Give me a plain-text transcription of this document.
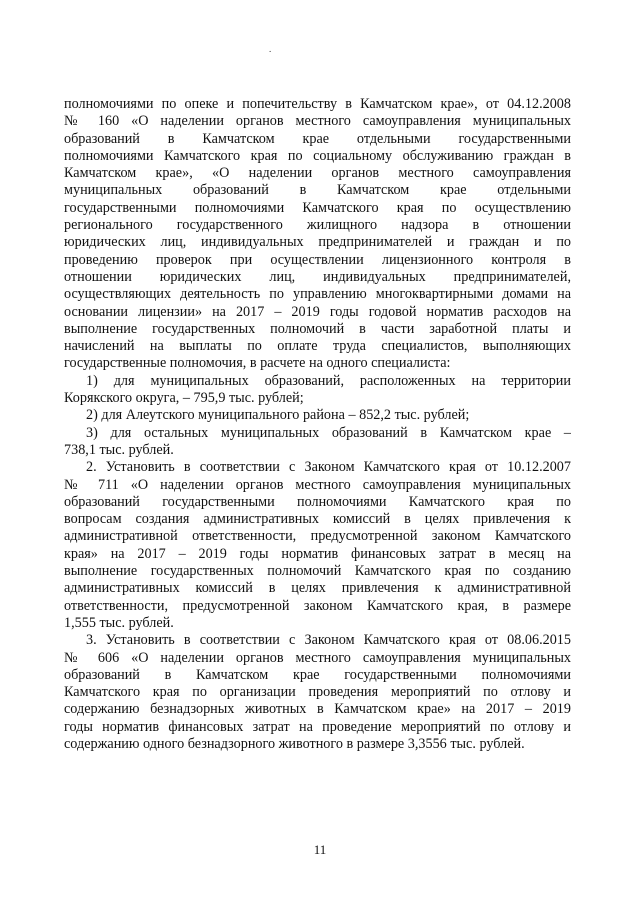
.
полномочиями по опеке и попечительству в Камчатском крае», от 04.12.2008
№ 160 «О наделении органов местного самоуправления муниципальных
образований в Камчатском крае отдельными государственными
полномочиями Камчатского края по социальному обслуживанию граждан в
Камчатском крае», «О наделении органов местного самоуправления
муниципальных образований в Камчатском крае отдельными
государственными полномочиями Камчатского края по осуществлению
регионального государственного жилищного надзора в отношении
юридических лиц, индивидуальных предпринимателей и граждан и по
проведению проверок при осуществлении лицензионного контроля в
отношении юридических лиц, индивидуальных предпринимателей,
осуществляющих деятельность по управлению многоквартирными домами на
основании лицензии» на 2017 – 2019 годы годовой норматив расходов на
выполнение государственных полномочий в части заработной платы и
начислений на выплаты по оплате труда специалистов, выполняющих
государственные полномочия, в расчете на одного специалиста:
1) для муниципальных образований, расположенных на территории
Корякского округа, – 795,9 тыс. рублей;
2) для Алеутского муниципального района – 852,2 тыс. рублей;
3) для остальных муниципальных образований в Камчатском крае –
738,1 тыс. рублей.
2. Установить в соответствии с Законом Камчатского края от 10.12.2007
№ 711 «О наделении органов местного самоуправления муниципальных
образований государственными полномочиями Камчатского края по
вопросам создания административных комиссий в целях привлечения к
административной ответственности, предусмотренной законом Камчатского
края» на 2017 – 2019 годы норматив финансовых затрат в месяц на
выполнение государственных полномочий Камчатского края по созданию
административных комиссий в целях привлечения к административной
ответственности, предусмотренной законом Камчатского края, в размере
1,555 тыс. рублей.
3. Установить в соответствии с Законом Камчатского края от 08.06.2015
№ 606 «О наделении органов местного самоуправления муниципальных
образований в Камчатском крае государственными полномочиями
Камчатского края по организации проведения мероприятий по отлову и
содержанию безнадзорных животных в Камчатском крае» на 2017 – 2019
годы норматив финансовых затрат на проведение мероприятий по отлову и
содержанию одного безнадзорного животного в размере 3,3556 тыс. рублей.
11
